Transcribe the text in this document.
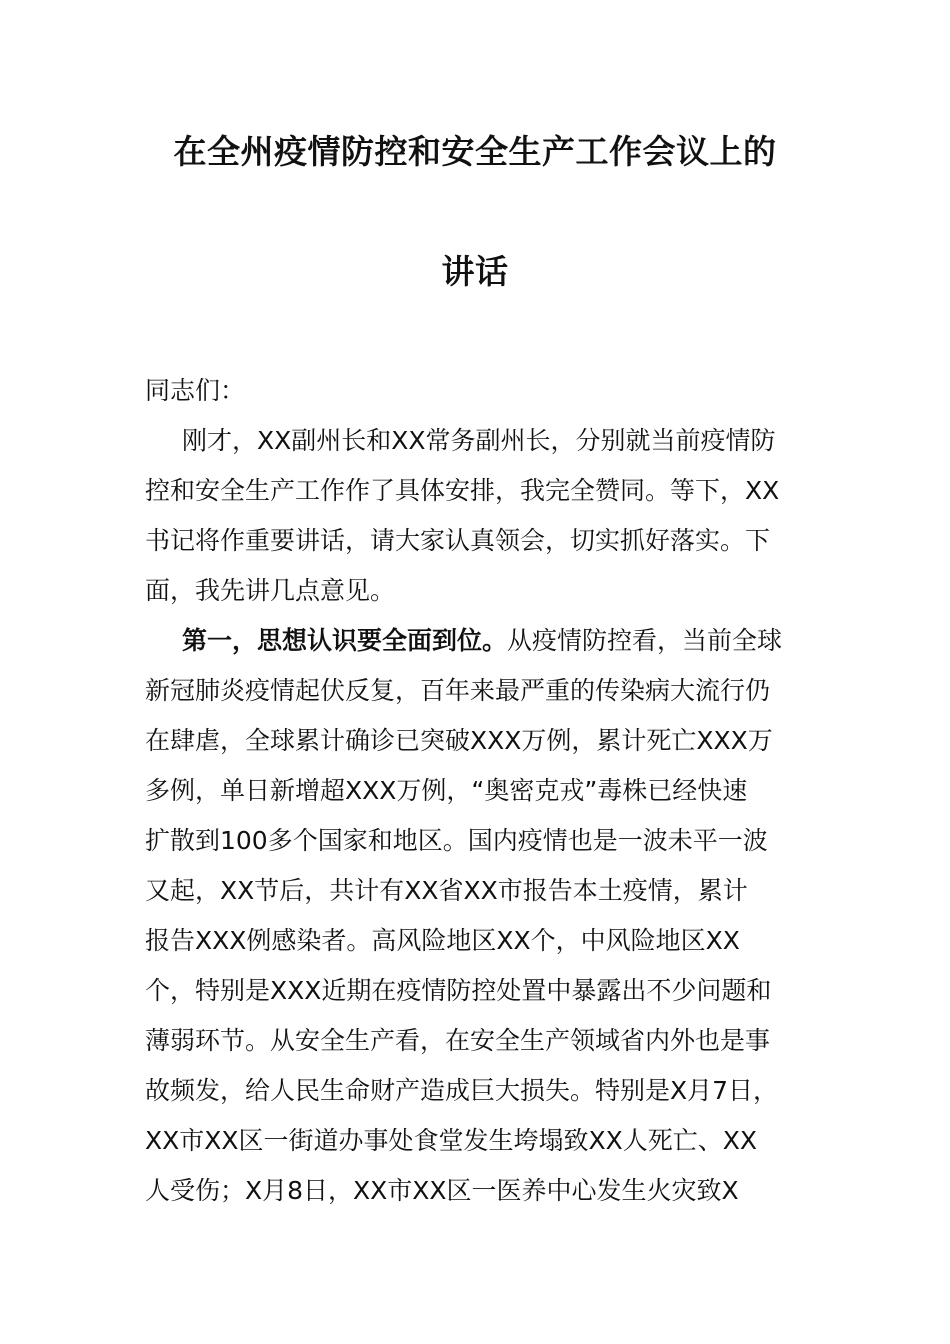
在全州疫情防控和安全生产工作会议上的
讲话
同志们：
刚才，XX副州长和XX常务副州长，分别就当前疫情防
控和安全生产工作作了具体安排，我完全赞同。等下，XX
书记将作重要讲话，请大家认真领会，切实抓好落实。下
面，我先讲几点意见。
第一，思想认识要全面到位。从疫情防控看，当前全球
新冠肺炎疫情起伏反复，百年来最严重的传染病大流行仍
在肆虐，全球累计确诊已突破XXX万例，累计死亡XXX万
多例，单日新增超XXX万例，“奥密克戎”毒株已经快速
扩散到100多个国家和地区。国内疫情也是一波未平一波
又起，XX节后，共计有XX省XX市报告本土疫情，累计
报告XXX例感染者。高风险地区XX个，中风险地区XX
个，特别是XXX近期在疫情防控处置中暴露出不少问题和
薄弱环节。从安全生产看，在安全生产领域省内外也是事
故频发，给人民生命财产造成巨大损失。特别是X月7日，
XX市XX区一街道办事处食堂发生垮塌致XX人死亡、XX
人受伤；X月8日，XX市XX区一医养中心发生火灾致X
